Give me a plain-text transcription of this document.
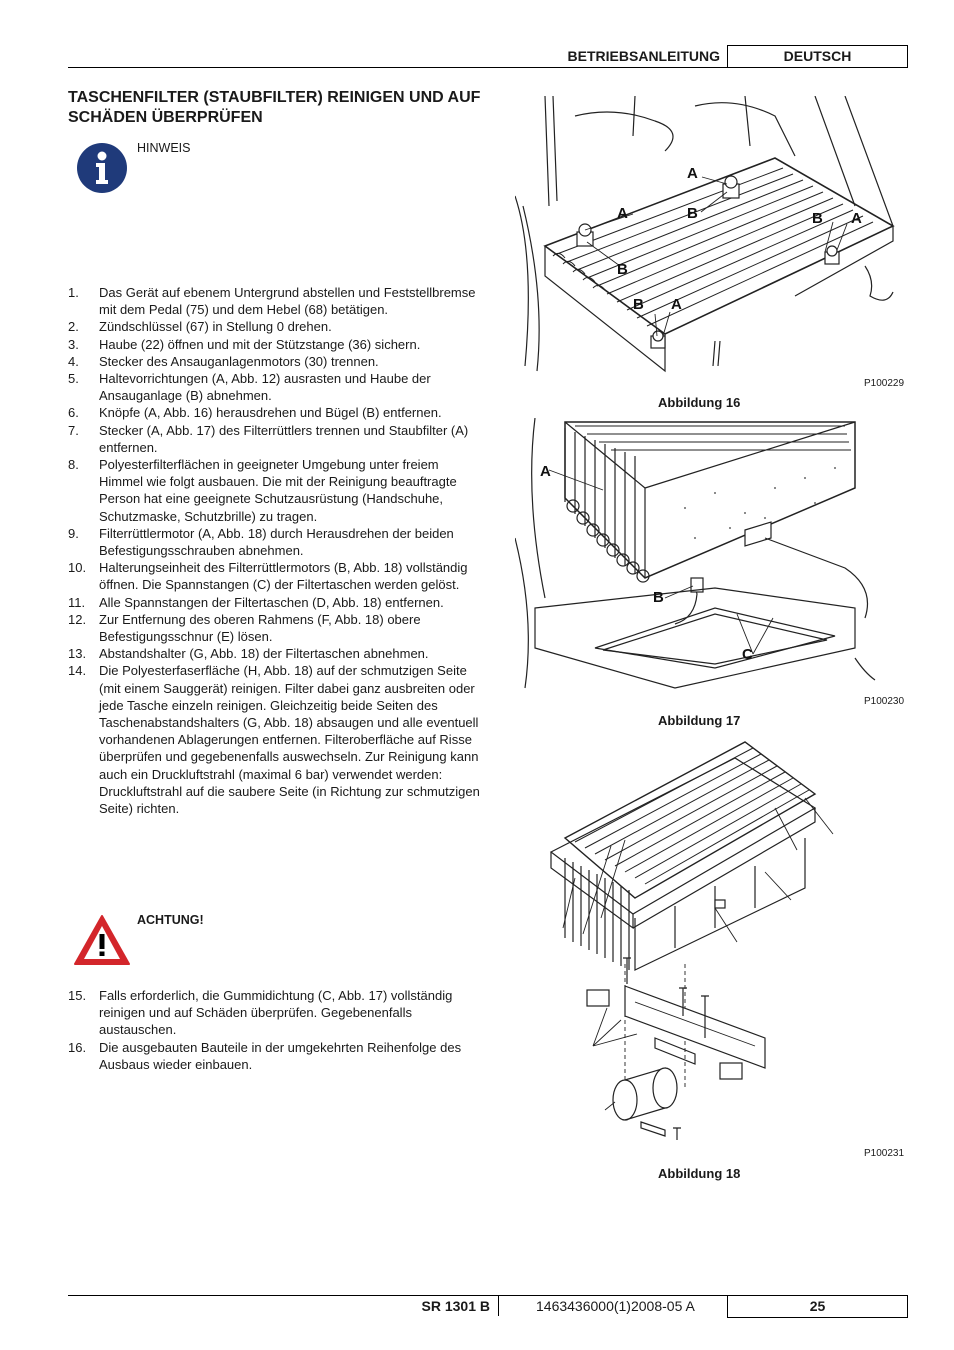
BETRIEBSANLEITUNG	DEUTSCH
TASCHENFILTER (STAUBFILTER) REINIGEN UND AUF SCHÄDEN ÜBERPRÜFEN
HINWEIS
1.	Das Gerät auf ebenem Untergrund abstellen und Feststellbremse mit dem Pedal (75) und dem Hebel (68) betätigen.
2.	Zündschlüssel (67) in Stellung 0 drehen.
3.	Haube (22) öffnen und mit der Stützstange (36) sichern.
4.	Stecker des Ansauganlagenmotors (30) trennen.
5.	Haltevorrichtungen (A, Abb. 12) ausrasten und Haube der Ansauganlage (B) abnehmen.
6.	Knöpfe (A, Abb. 16) herausdrehen und Bügel (B) entfernen.
7.	Stecker (A, Abb. 17) des Filterrüttlers trennen und Staubfilter (A) entfernen.
8.	Polyesterfilterflächen in geeigneter Umgebung unter freiem Himmel wie folgt ausbauen. Die mit der Reinigung beauftragte Person hat eine geeignete Schutzausrüstung (Handschuhe, Schutzmaske, Schutzbrille) zu tragen.
9.	Filterrüttlermotor (A, Abb. 18) durch Herausdrehen der beiden Befestigungsschrauben abnehmen.
10. Halterungseinheit des Filterrüttlermotors (B, Abb. 18) vollständig öffnen. Die Spannstangen (C) der Filtertaschen werden gelöst.
11.	Alle Spannstangen der Filtertaschen (D, Abb. 18) entfernen.
12. Zur Entfernung des oberen Rahmens (F, Abb. 18) obere Befestigungsschnur (E) lösen.
13. Abstandshalter (G, Abb. 18) der Filtertaschen abnehmen.
14. Die Polyesterfaserfläche (H, Abb. 18) auf der schmutzigen Seite (mit einem Sauggerät) reinigen. Filter dabei ganz ausbreiten oder jede Tasche einzeln reinigen. Gleichzeitig beide Seiten des Taschenabstandshalters (G, Abb. 18) absaugen und alle eventuell vorhandenen Ablagerungen entfernen. Filteroberfläche auf Risse überprüfen und gegebenenfalls auswechseln. Zur Reinigung kann auch ein Druckluftstrahl (maximal 6 bar) verwendet werden: Druckluftstrahl auf die saubere Seite (in Richtung zur schmutzigen Seite) richten.
ACHTUNG!
15. Falls erforderlich, die Gummidichtung (C, Abb. 17) vollständig reinigen und auf Schäden überprüfen. Gegebenenfalls austauschen.
16. Die ausgebauten Bauteile in der umgekehrten Reihenfolge des Ausbaus wieder einbauen.
A
A	B	B A
B
B A
P100229
Abbildung 16
A
B
C
P100230
Abbildung 17
P100231
Abbildung 18
SR 1301 B	1463436000(1)2008-05 A	25
